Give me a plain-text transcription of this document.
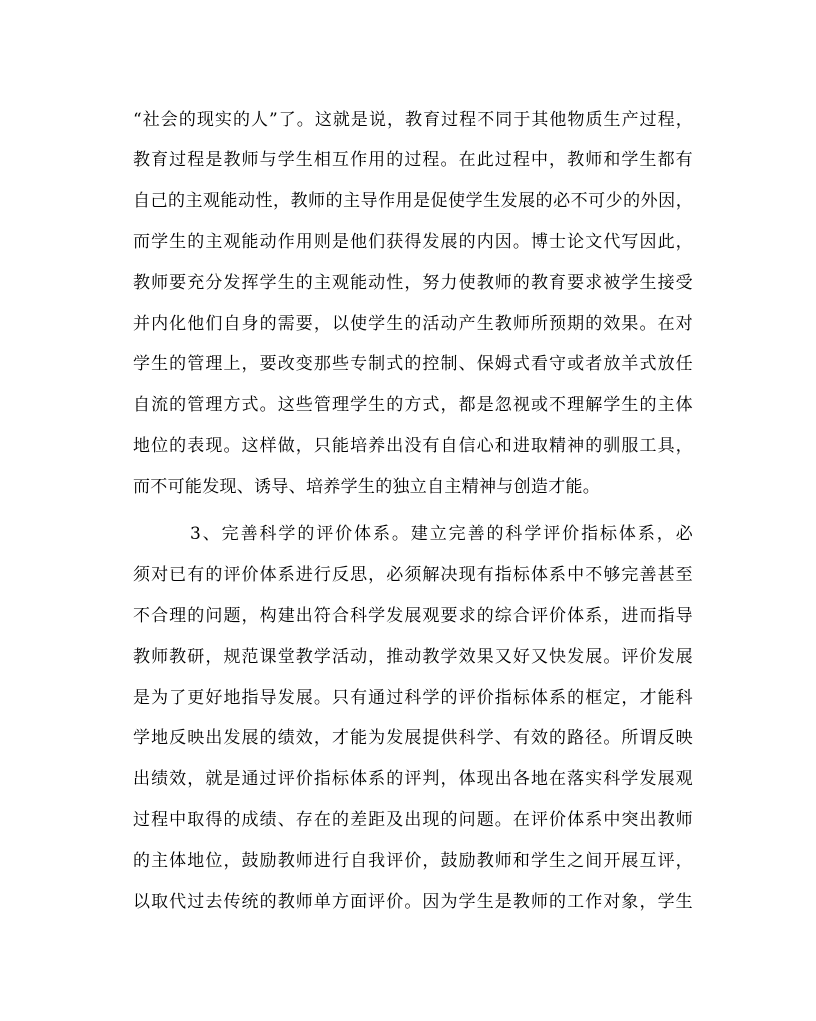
“社会的现实的人”了。这就是说，教育过程不同于其他物质生产过程，
教育过程是教师与学生相互作用的过程。在此过程中，教师和学生都有
自己的主观能动性，教师的主导作用是促使学生发展的必不可少的外因，
而学生的主观能动作用则是他们获得发展的内因。博士论文代写因此，
教师要充分发挥学生的主观能动性，努力使教师的教育要求被学生接受
并内化他们自身的需要，以使学生的活动产生教师所预期的效果。在对
学生的管理上，要改变那些专制式的控制、保姆式看守或者放羊式放任
自流的管理方式。这些管理学生的方式，都是忽视或不理解学生的主体
地位的表现。这样做，只能培养出没有自信心和进取精神的驯服工具，
而不可能发现、诱导、培养学生的独立自主精神与创造才能。
3、完善科学的评价体系。建立完善的科学评价指标体系，必
须对已有的评价体系进行反思，必须解决现有指标体系中不够完善甚至
不合理的问题，构建出符合科学发展观要求的综合评价体系，进而指导
教师教研，规范课堂教学活动，推动教学效果又好又快发展。评价发展
是为了更好地指导发展。只有通过科学的评价指标体系的框定，才能科
学地反映出发展的绩效，才能为发展提供科学、有效的路径。所谓反映
出绩效，就是通过评价指标体系的评判，体现出各地在落实科学发展观
过程中取得的成绩、存在的差距及出现的问题。在评价体系中突出教师
的主体地位，鼓励教师进行自我评价，鼓励教师和学生之间开展互评，
以取代过去传统的教师单方面评价。因为学生是教师的工作对象，学生
